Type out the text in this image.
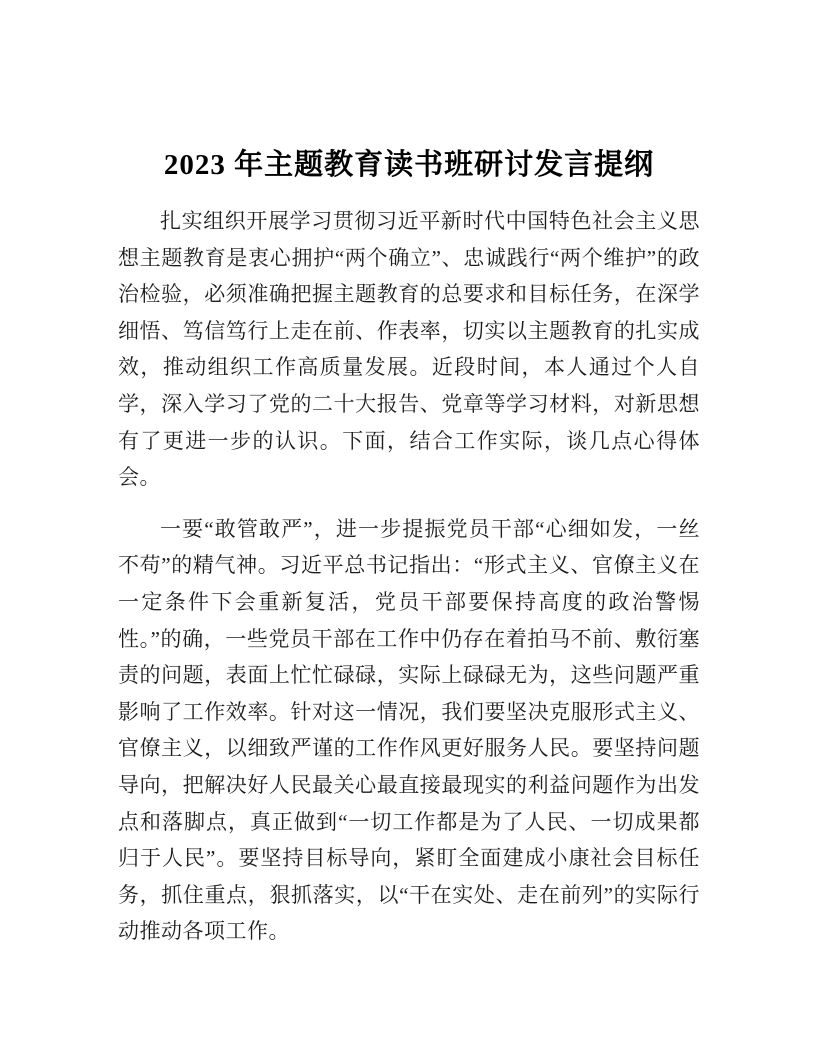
2023 年主题教育读书班研讨发言提纲

扎实组织开展学习贯彻习近平新时代中国特色社会主义思想主题教育是衷心拥护“两个确立”、忠诚践行“两个维护”的政治检验，必须准确把握主题教育的总要求和目标任务，在深学细悟、笃信笃行上走在前、作表率，切实以主题教育的扎实成效，推动组织工作高质量发展。近段时间，本人通过个人自学，深入学习了党的二十大报告、党章等学习材料，对新思想有了更进一步的认识。下面，结合工作实际，谈几点心得体会。

一要“敢管敢严”，进一步提振党员干部“心细如发，一丝不苟”的精气神。习近平总书记指出：“形式主义、官僚主义在一定条件下会重新复活，党员干部要保持高度的政治警惕性。”的确，一些党员干部在工作中仍存在着拍马不前、敷衍塞责的问题，表面上忙忙碌碌，实际上碌碌无为，这些问题严重影响了工作效率。针对这一情况，我们要坚决克服形式主义、官僚主义，以细致严谨的工作作风更好服务人民。要坚持问题导向，把解决好人民最关心最直接最现实的利益问题作为出发点和落脚点，真正做到“一切工作都是为了人民、一切成果都归于人民”。要坚持目标导向，紧盯全面建成小康社会目标任务，抓住重点，狠抓落实，以“干在实处、走在前列”的实际行动推动各项工作。
